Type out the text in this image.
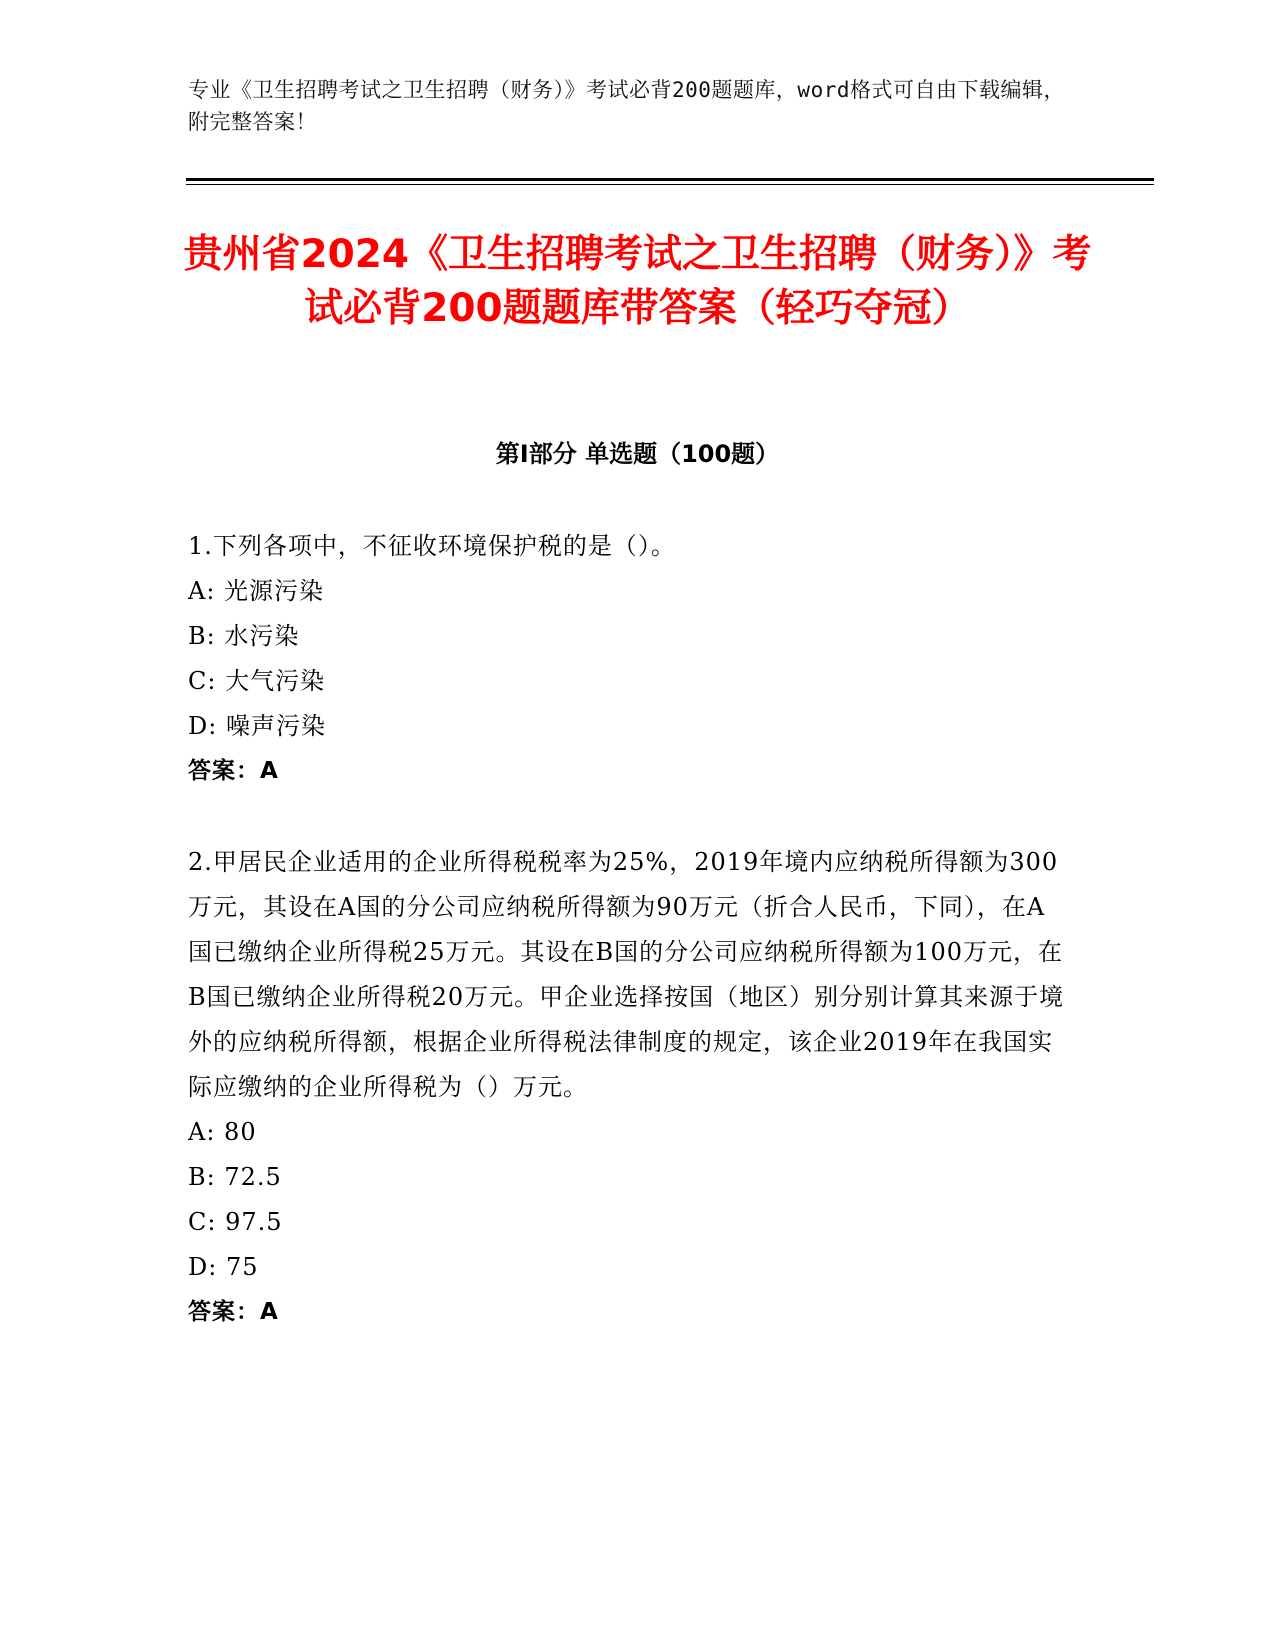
专业《卫生招聘考试之卫生招聘（财务）》考试必背200题题库，word格式可自由下载编辑，附完整答案！
贵州省2024《卫生招聘考试之卫生招聘（财务）》考试必背200题题库带答案（轻巧夺冠）
第I部分 单选题（100题）

1.下列各项中，不征收环境保护税的是（）。

A: 光源污染

B: 水污染

C: 大气污染

D: 噪声污染

答案：A

2.甲居民企业适用的企业所得税税率为25%，2019年境内应纳税所得额为300万元，其设在A国的分公司应纳税所得额为90万元（折合人民币，下同），在A国已缴纳企业所得税25万元。其设在B国的分公司应纳税所得额为100万元，在B国已缴纳企业所得税20万元。甲企业选择按国（地区）别分别计算其来源于境外的应纳税所得额，根据企业所得税法律制度的规定，该企业2019年在我国实际应缴纳的企业所得税为（）万元。

A: 80

B: 72.5

C: 97.5

D: 75

答案：A
